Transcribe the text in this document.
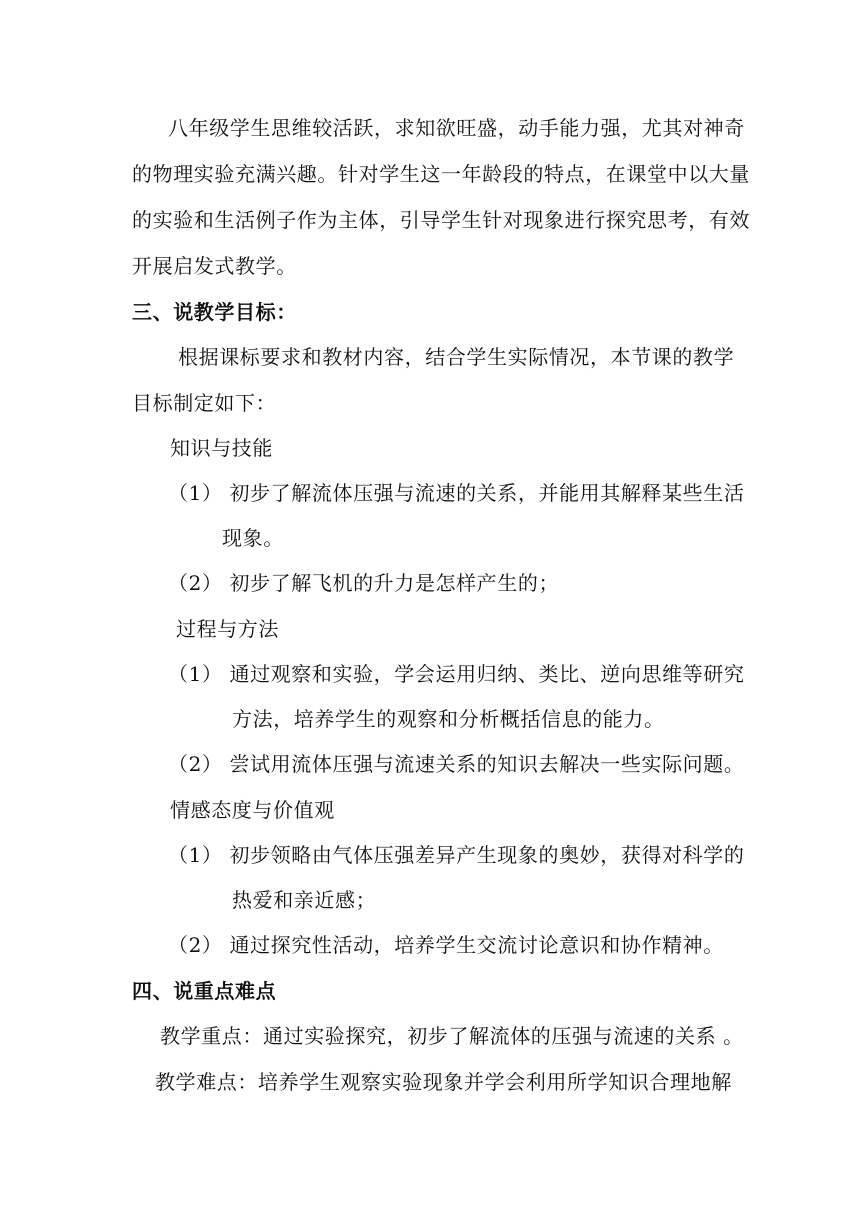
八年级学生思维较活跃，求知欲旺盛，动手能力强，尤其对神奇
的物理实验充满兴趣。针对学生这一年龄段的特点，在课堂中以大量
的实验和生活例子作为主体，引导学生针对现象进行探究思考，有效
开展启发式教学。
三、说教学目标：
根据课标要求和教材内容，结合学生实际情况，本节课的教学
目标制定如下：
知识与技能
（1） 初步了解流体压强与流速的关系，并能用其解释某些生活
现象。
（2） 初步了解飞机的升力是怎样产生的；
过程与方法
（1） 通过观察和实验，学会运用归纳、类比、逆向思维等研究
方法，培养学生的观察和分析概括信息的能力。
（2） 尝试用流体压强与流速关系的知识去解决一些实际问题。
情感态度与价值观
（1） 初步领略由气体压强差异产生现象的奥妙，获得对科学的
热爱和亲近感；
（2） 通过探究性活动，培养学生交流讨论意识和协作精神。
四、说重点难点
教学重点：通过实验探究，初步了解流体的压强与流速的关系 。
教学难点：培养学生观察实验现象并学会利用所学知识合理地解
